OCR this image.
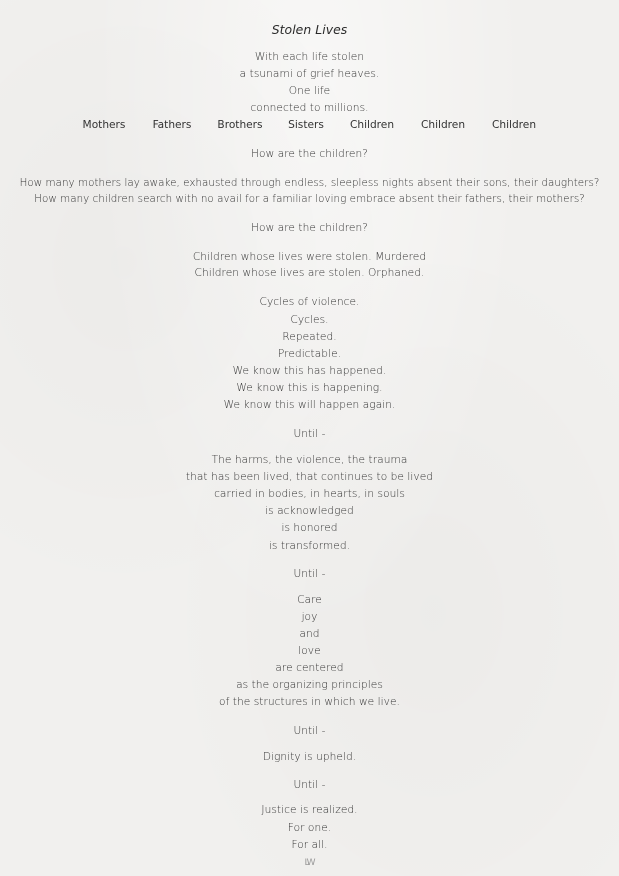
Stolen Lives
With each life stolen
a tsunami of grief heaves.
One life
connected to millions.
Mothers	Fathers Brothers Sisters Children	Children	Children
How are the children?
How many mothers lay awake, exhausted through endless, sleepless nights absent their sons, their daughters?
How many children search with no avail for a familiar loving embrace absent their fathers, their mothers?
How are the children?
Children whose lives were stolen. Murdered
Children whose lives are stolen. Orphaned.
Cycles of violence.
Cycles.
Repeated.
Predictable.
We know this has happened.
We know this is happening.
We know this will happen again.
Until -
The harms, the violence, the trauma
that has been lived, that continues to be lived
carried in bodies, in hearts, in souls
is acknowledged
is honored
is transformed.
Until -
Care
joy
and
love
are centered
as the organizing principles
of the structures in which we live.
Until -
Dignity is upheld.
Until -
Justice is realized.
For one.
For all.
LW
